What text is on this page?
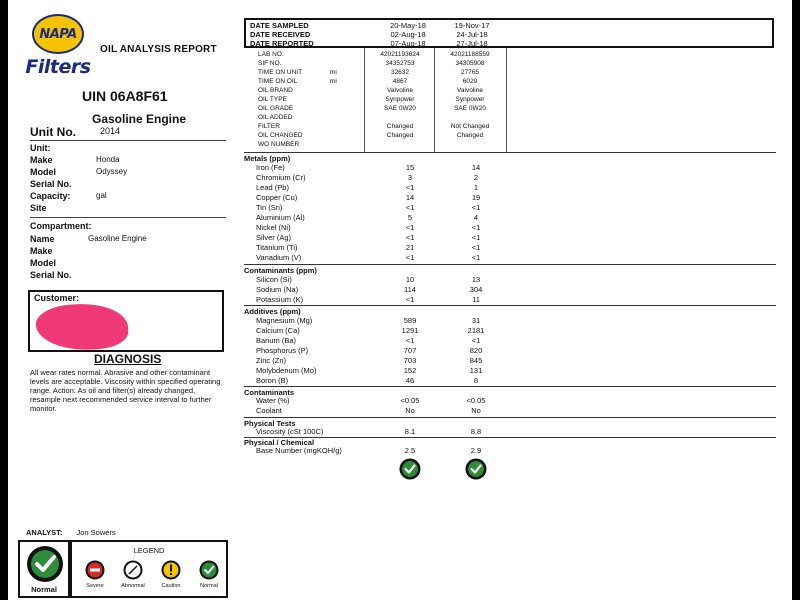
NAPA
Filters
OIL ANALYSIS REPORT
UIN 06A8F61
Gasoline Engine
Unit No.	2014
Unit:
Make	Honda
Model	Odyssey
Serial No.
Capacity:	gal
Site
Compartment:
Name	Gasoline Engine
Make
Model
Serial No.
Customer:
DIAGNOSIS
All wear rates normal. Abrasive and other contaminant levels are acceptable. Viscosity within specified operating range. Action: As oil and filter(s) already changed, resample next recommended service interval to further monitor.
ANALYST: Jon Sowers
Normal
LEGEND
Severe	Abnormal	Caution	Normal
DATE SAMPLED	20-May-18	19-Nov-17
DATE RECEIVED	02-Aug-18	24-Jul-18
DATE REPORTED	07-Aug-18	27-Jul-18
LAB NO.	42021193624	42021188559
SIF NO.	34352753	34305908
TIME ON UNIT	mi	32632	27765
TIME ON OIL	mi	4867	6029
OIL BRAND	Valvoline	Valvoline
OIL TYPE	Synpower	Synpower
OIL GRADE	SAE 0W20	SAE 0W20
OIL ADDED
FILTER	Changed	Not Changed
OIL CHANGED	Changed	Changed
WO NUMBER
Metals (ppm)
Iron (Fe)	15	14
Chromium (Cr)	3	2
Lead (Pb)	<1	1
Copper (Cu)	14	19
Tin (Sn)	<1	<1
Aluminium (Al)	5	4
Nickel (Ni)	<1	<1
Silver (Ag)	<1	<1
Titanium (Ti)	21	<1
Vanadium (V)	<1	<1
Contaminants (ppm)
Silicon (Si)	10	13
Sodium (Na)	114	304
Potassium (K)	<1	11
Additives (ppm)
Magnesium (Mg)	589	31
Calcium (Ca)	1291	2181
Barium (Ba)	<1	<1
Phosphorus (P)	707	820
Zinc (Zn)	703	845
Molybdenum (Mo)	152	131
Boron (B)	46	8
Contaminants
Water (%)	<0.05	<0.05
Coolant	No	No
Physical Tests
Viscosity (cSt 100C)	8.1	8.8
Physical / Chemical
Base Number (mgKOH/g)	2.5	2.9
